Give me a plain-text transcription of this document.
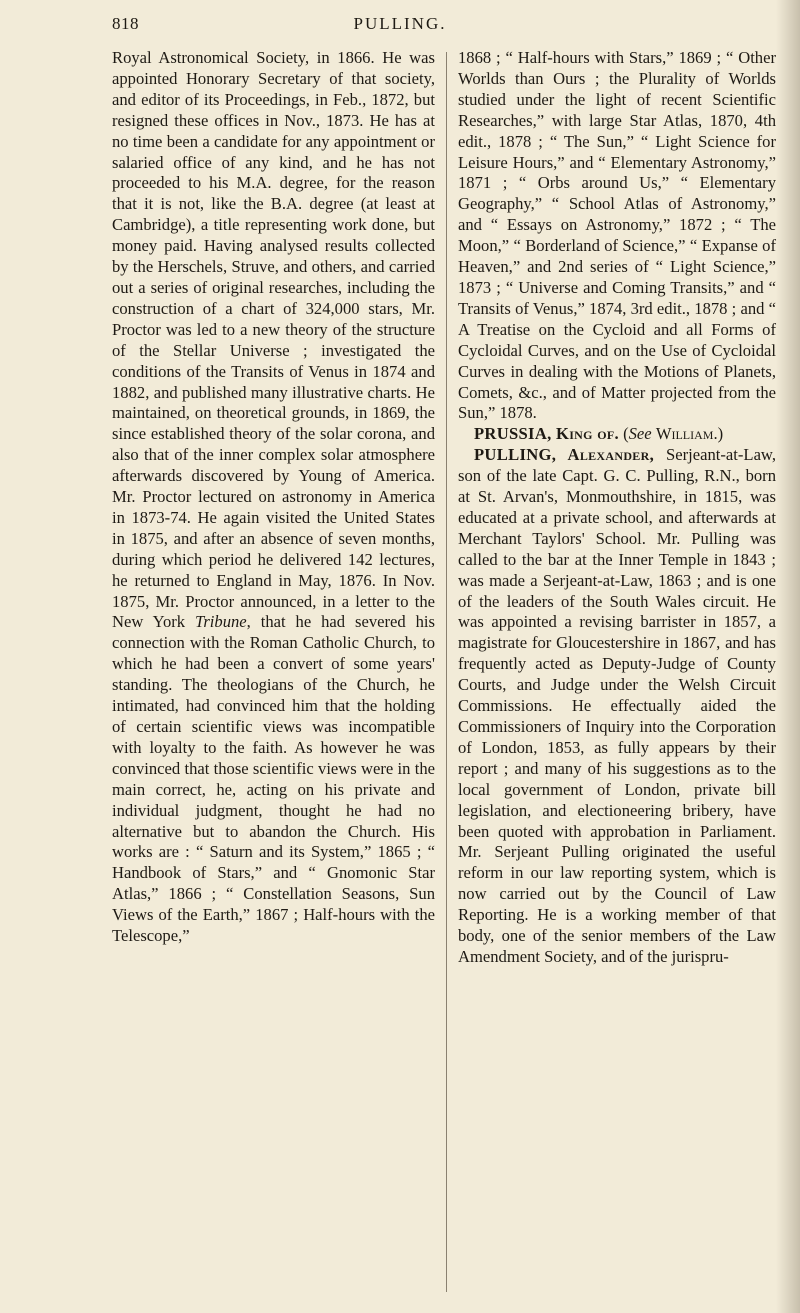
818	PULLING.

Royal Astronomical Society, in 1866. He was appointed Honorary Secretary of that society, and editor of its Proceedings, in Feb., 1872, but resigned these offices in Nov., 1873. He has at no time been a candidate for any appointment or salaried office of any kind, and he has not proceeded to his M.A. degree, for the reason that it is not, like the B.A. degree (at least at Cambridge), a title representing work done, but money paid. Having analysed results collected by the Herschels, Struve, and others, and carried out a series of original researches, including the construction of a chart of 324,000 stars, Mr. Proctor was led to a new theory of the structure of the Stellar Universe ; investigated the conditions of the Transits of Venus in 1874 and 1882, and published many illustrative charts. He maintained, on theoretical grounds, in 1869, the since established theory of the solar corona, and also that of the inner complex solar atmosphere afterwards discovered by Young of America. Mr. Proctor lectured on astronomy in America in 1873-74. He again visited the United States in 1875, and after an absence of seven months, during which period he delivered 142 lectures, he returned to England in May, 1876. In Nov. 1875, Mr. Proctor announced, in a letter to the New York Tribune, that he had severed his connection with the Roman Catholic Church, to which he had been a convert of some years' standing. The theologians of the Church, he intimated, had convinced him that the holding of certain scientific views was incompatible with loyalty to the faith. As however he was convinced that those scientific views were in the main correct, he, acting on his private and individual judgment, thought he had no alternative but to abandon the Church. His works are : “ Saturn and its System,” 1865 ; “ Handbook of Stars,” and “ Gnomonic Star Atlas,” 1866 ; “ Constellation Seasons, Sun Views of the Earth,” 1867 ; Half-hours with the Telescope,”

1868 ; “ Half-hours with Stars,” 1869 ; “ Other Worlds than Ours ; the Plurality of Worlds studied under the light of recent Scientific Researches,” with large Star Atlas, 1870, 4th edit., 1878 ; “ The Sun,” “ Light Science for Leisure Hours,” and “ Elementary Astronomy,” 1871 ; “ Orbs around Us,” “ Elementary Geography,” “ School Atlas of Astronomy,” and “ Essays on Astronomy,” 1872 ; “ The Moon,” “ Borderland of Science,” “ Expanse of Heaven,” and 2nd series of “ Light Science,” 1873 ; “ Universe and Coming Transits,” and “ Transits of Venus,” 1874, 3rd edit., 1878 ; and “ A Treatise on the Cycloid and all Forms of Cycloidal Curves, and on the Use of Cycloidal Curves in dealing with the Motions of Planets, Comets, &c., and of Matter projected from the Sun,” 1878.

PRUSSIA, King of. (See William.)

PULLING, Alexander, Serjeant-at-Law, son of the late Capt. G. C. Pulling, R.N., born at St. Arvan's, Monmouthshire, in 1815, was educated at a private school, and afterwards at Merchant Taylors' School. Mr. Pulling was called to the bar at the Inner Temple in 1843 ; was made a Serjeant-at-Law, 1863 ; and is one of the leaders of the South Wales circuit. He was appointed a revising barrister in 1857, a magistrate for Gloucestershire in 1867, and has frequently acted as Deputy-Judge of County Courts, and Judge under the Welsh Circuit Commissions. He effectually aided the Commissioners of Inquiry into the Corporation of London, 1853, as fully appears by their report ; and many of his suggestions as to the local government of London, private bill legislation, and electioneering bribery, have been quoted with approbation in Parliament. Mr. Serjeant Pulling originated the useful reform in our law reporting system, which is now carried out by the Council of Law Reporting. He is a working member of that body, one of the senior members of the Law Amendment Society, and of the jurispru-
